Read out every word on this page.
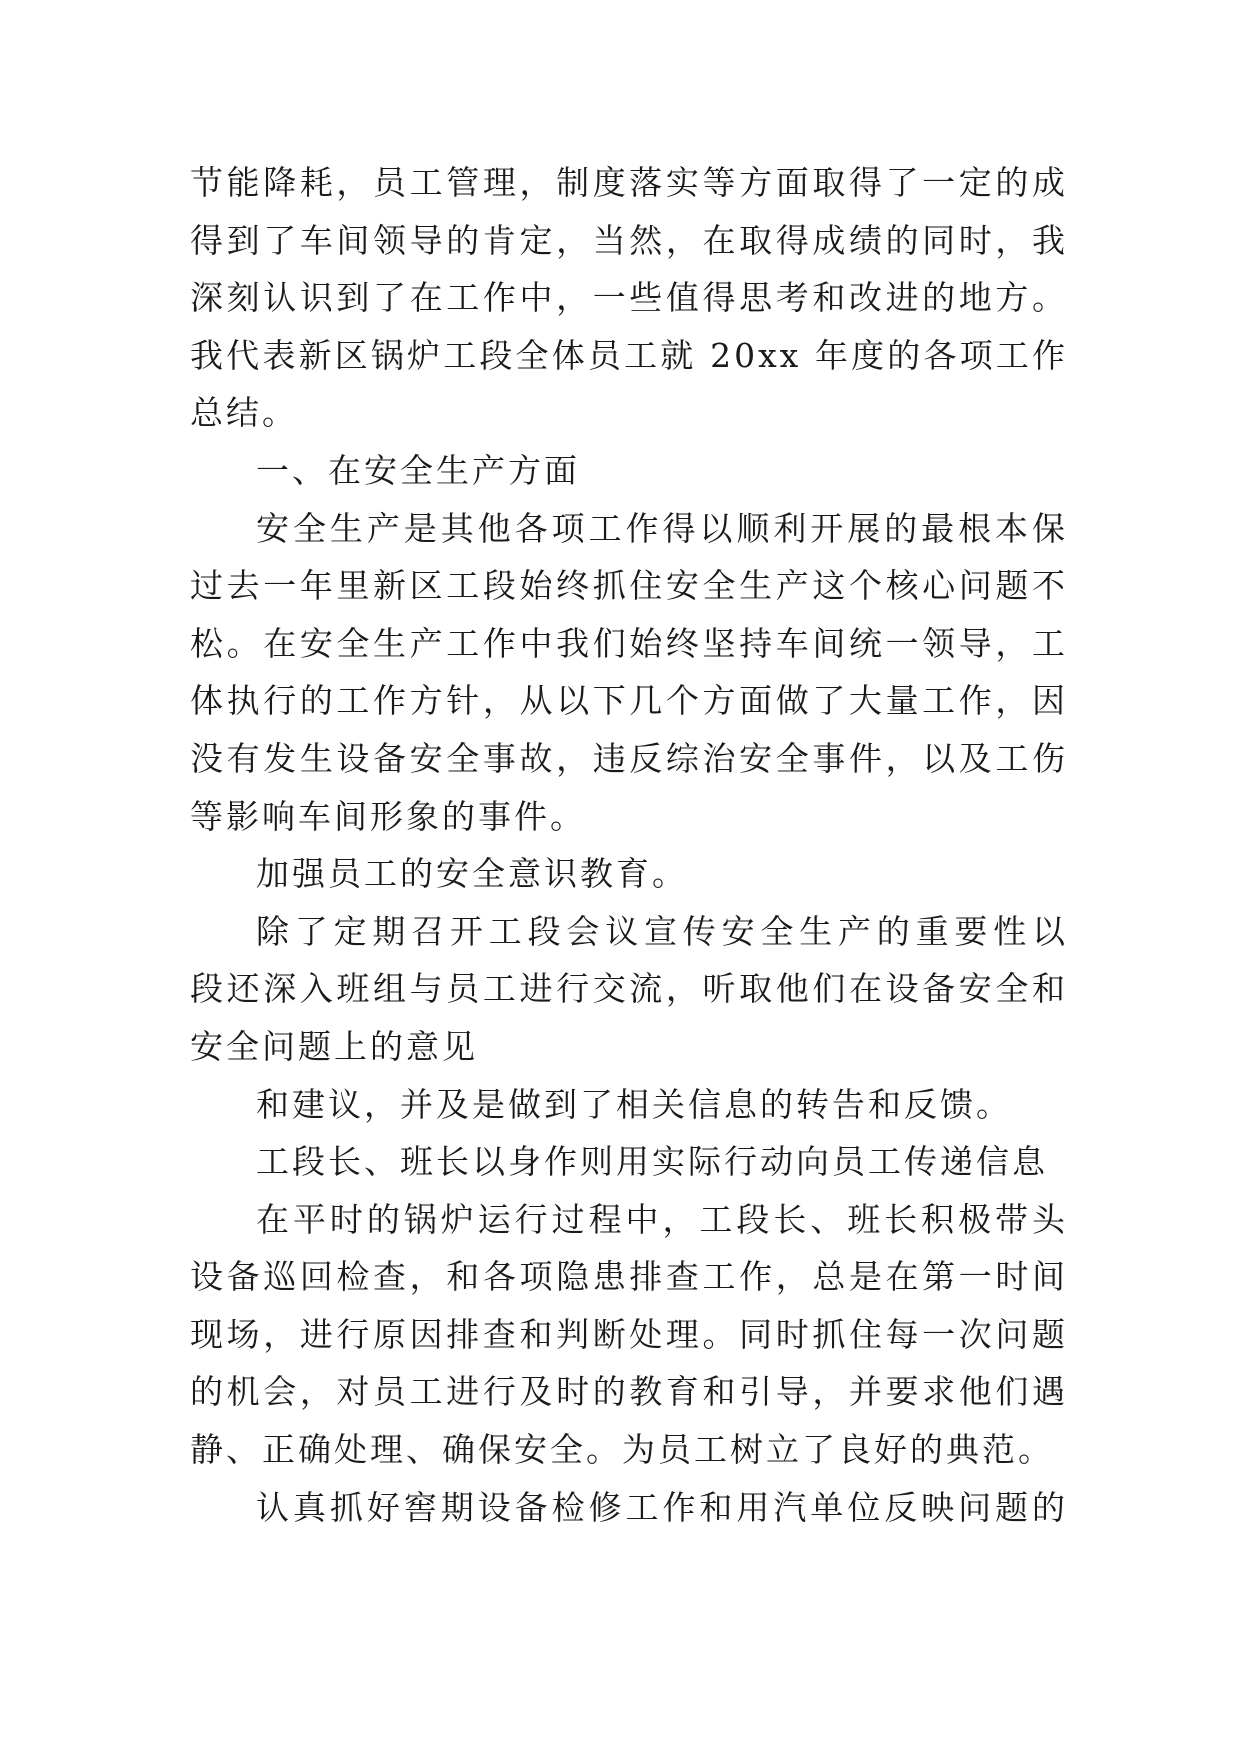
节能降耗，员工管理，制度落实等方面取得了一定的成
得到了车间领导的肯定，当然，在取得成绩的同时，我
深刻认识到了在工作中，一些值得思考和改进的地方。
我代表新区锅炉工段全体员工就 20xx 年度的各项工作
总结。
一、在安全生产方面
安全生产是其他各项工作得以顺利开展的最根本保
过去一年里新区工段始终抓住安全生产这个核心问题不
松。在安全生产工作中我们始终坚持车间统一领导，工
体执行的工作方针，从以下几个方面做了大量工作，因
没有发生设备安全事故，违反综治安全事件，以及工伤
等影响车间形象的事件。
加强员工的安全意识教育。
除了定期召开工段会议宣传安全生产的重要性以
段还深入班组与员工进行交流，听取他们在设备安全和
安全问题上的意见
和建议，并及是做到了相关信息的转告和反馈。
工段长、班长以身作则用实际行动向员工传递信息
在平时的锅炉运行过程中，工段长、班长积极带头
设备巡回检查，和各项隐患排查工作，总是在第一时间
现场，进行原因排查和判断处理。同时抓住每一次问题
的机会，对员工进行及时的教育和引导，并要求他们遇
静、正确处理、确保安全。为员工树立了良好的典范。
认真抓好窖期设备检修工作和用汽单位反映问题的
